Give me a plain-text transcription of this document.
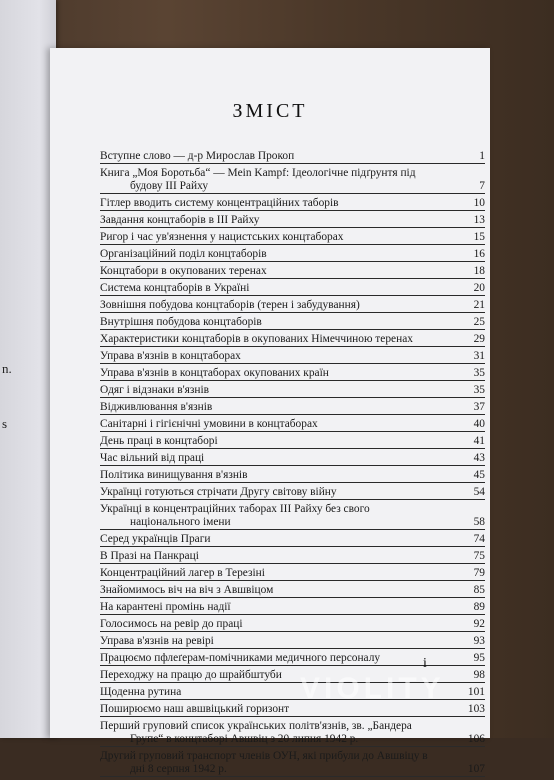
n.
s
ЗМІСТ
Вступне слово — д-р Мирослав Прокоп	1
Книга „Моя Боротьба“ — Mein Kampf: Ідеологічне підґрунтя під
будову ІІІ Райху	7
Гітлер вводить систему концентраційних таборів	10
Завдання концтаборів в ІІІ Райху	13
Ригор і час ув'язнення у нацистських концтаборах	15
Організаційний поділ концтаборів	16
Концтабори в окупованих теренах	18
Система концтаборів в Україні	20
Зовнішня побудова концтаборів (терен і забудування)	21
Внутрішня побудова концтаборів	25
Характеристики концтаборів в окупованих Німеччиною теренах	29
Управа в'язнів в концтаборах	31
Управа в'язнів в концтаборах окупованих країн	35
Одяг і відзнаки в'язнів	35
Відживлювання в'язнів	37
Санітарні і гігієнічні умовини в концтаборах	40
День праці в концтаборі	41
Час вільний від праці	43
Політика винищування в'язнів	45
Українці готуються стрічати Другу світову війну	54
Українці в концентраційних таборах ІІІ Райху без свого
національного імени	58
Серед українців Праги	74
В Празі на Панкраці	75
Концентраційний лагер в Терезіні	79
Знайомимось віч на віч з Авшвіцом	85
На карантені промінь надії	89
Голосимось на ревір до праці	92
Управа в'язнів на ревірі	93
Працюємо пфлеґерам-помічниками медичного персоналу	95
Переходжу на працю до шрайбштуби	98
Щоденна рутина	101
Поширюємо наш авшвіцький горизонт	103
Перший груповий список українських політв'язнів, зв. „Бандера
Групе“ в концтаборі Авшвіц з 20 липня 1942 р.	106
Другий груповий транспорт членів ОУН, які прибули до Авшвіцу в
дні 8 серпня 1942 р.	107
i
VIOLITY
